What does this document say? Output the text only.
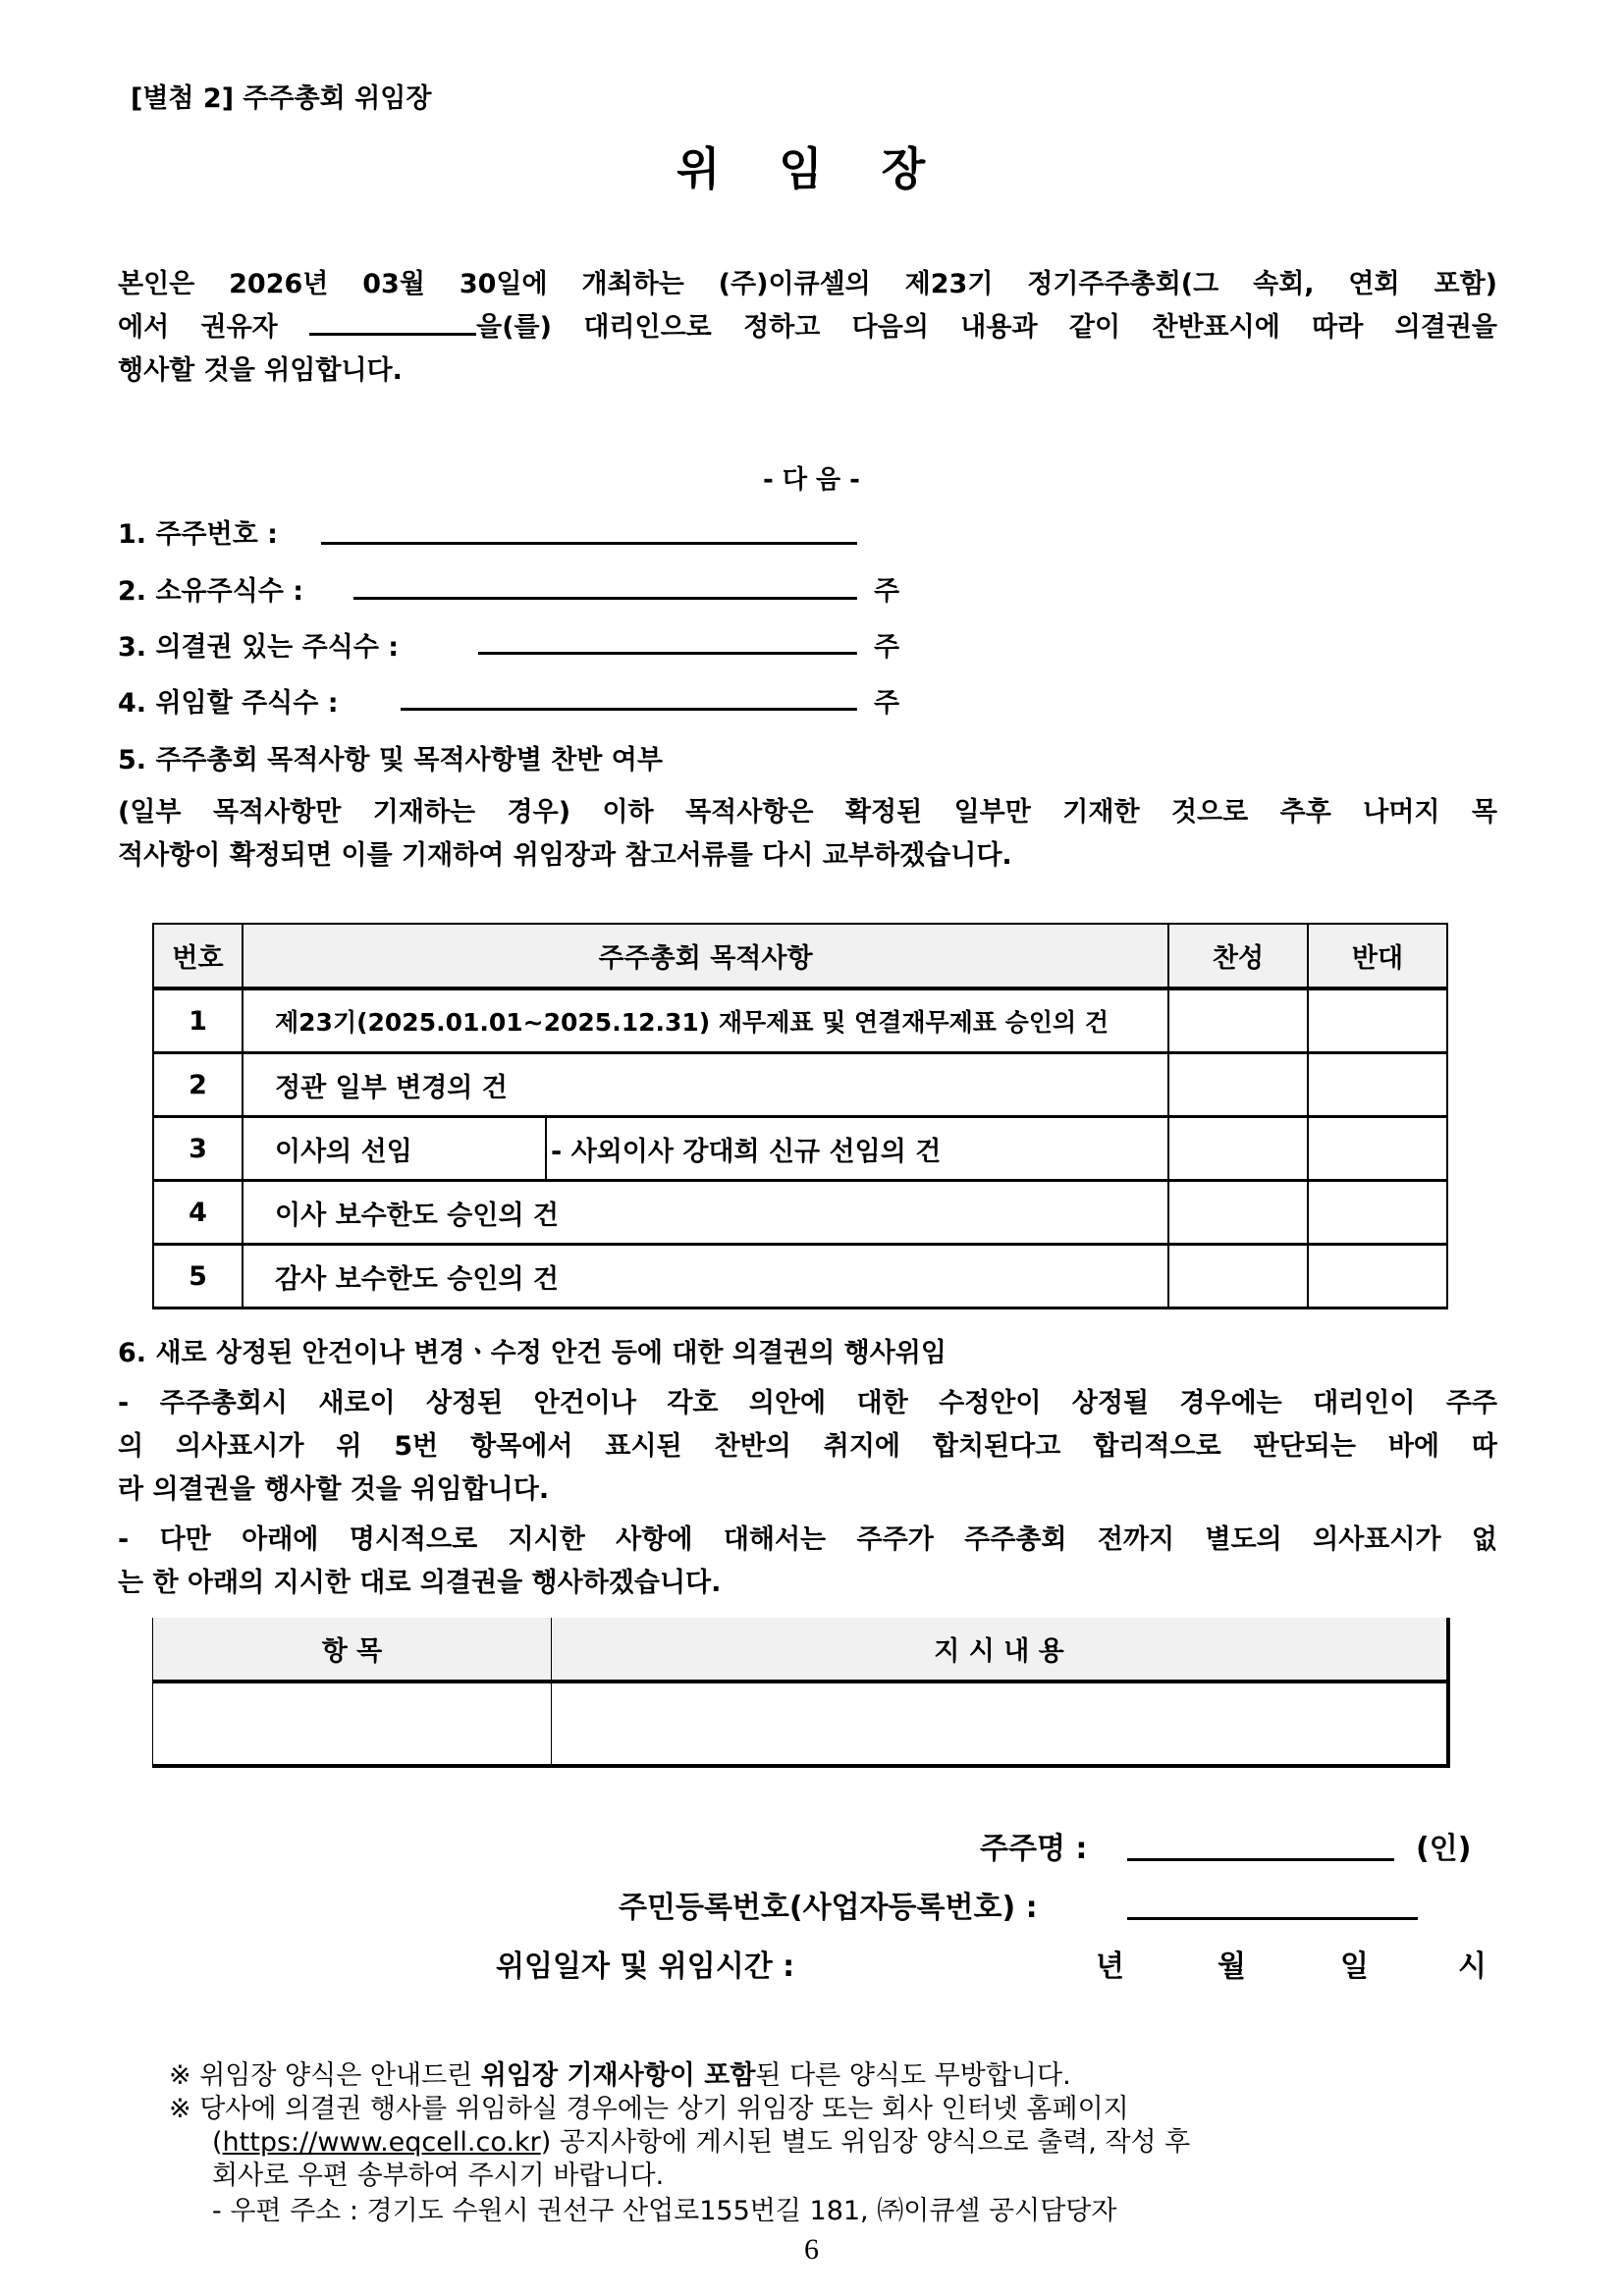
[별첨 2] 주주총회 위임장
위 임 장
본인은 2026년 03월 30일에 개최하는 (주)이큐셀의 제23기 정기주주총회(그 속회, 연회 포함)
에서 권유자	을(를) 대리인으로 정하고 다음의 내용과 같이 찬반표시에 따라 의결권을
행사할 것을 위임합니다.
- 다 음 -
1. 주주번호 :
2. 소유주식수 :	주
3. 의결권 있는 주식수 :	주
4. 위임할 주식수 :	주
5. 주주총회 목적사항 및 목적사항별 찬반 여부
(일부 목적사항만 기재하는 경우) 이하 목적사항은 확정된 일부만 기재한 것으로 추후 나머지 목
적사항이 확정되면 이를 기재하여 위임장과 참고서류를 다시 교부하겠습니다.
번호	주주총회 목적사항		찬성	반대
1	제23기(2025.01.01~2025.12.31) 재무제표 및 연결재무제표 승인의 건			
2	정관 일부 변경의 건			
3	이사의 선임	- 사외이사 강대희 신규 선임의 건		
4	이사 보수한도 승인의 건			
5	감사 보수한도 승인의 건			
6. 새로 상정된 안건이나 변경ㆍ수정 안건 등에 대한 의결권의 행사위임
- 주주총회시 새로이 상정된 안건이나 각호 의안에 대한 수정안이 상정될 경우에는 대리인이 주주
의 의사표시가 위 5번 항목에서 표시된 찬반의 취지에 합치된다고 합리적으로 판단되는 바에 따
라 의결권을 행사할 것을 위임합니다.
- 다만 아래에 명시적으로 지시한 사항에 대해서는 주주가 주주총회 전까지 별도의 의사표시가 없
는 한 아래의 지시한 대로 의결권을 행사하겠습니다.
항 목	지 시 내 용

주주명 :	(인)
주민등록번호(사업자등록번호) :
위임일자 및 위임시간 :	년	월	일	시
※ 위임장 양식은 안내드린 위임장 기재사항이 포함된 다른 양식도 무방합니다.
※ 당사에 의결권 행사를 위임하실 경우에는 상기 위임장 또는 회사 인터넷 홈페이지
(https://www.eqcell.co.kr) 공지사항에 게시된 별도 위임장 양식으로 출력, 작성 후
회사로 우편 송부하여 주시기 바랍니다.
- 우편 주소 : 경기도 수원시 권선구 산업로155번길 181, ㈜이큐셀 공시담당자
6
